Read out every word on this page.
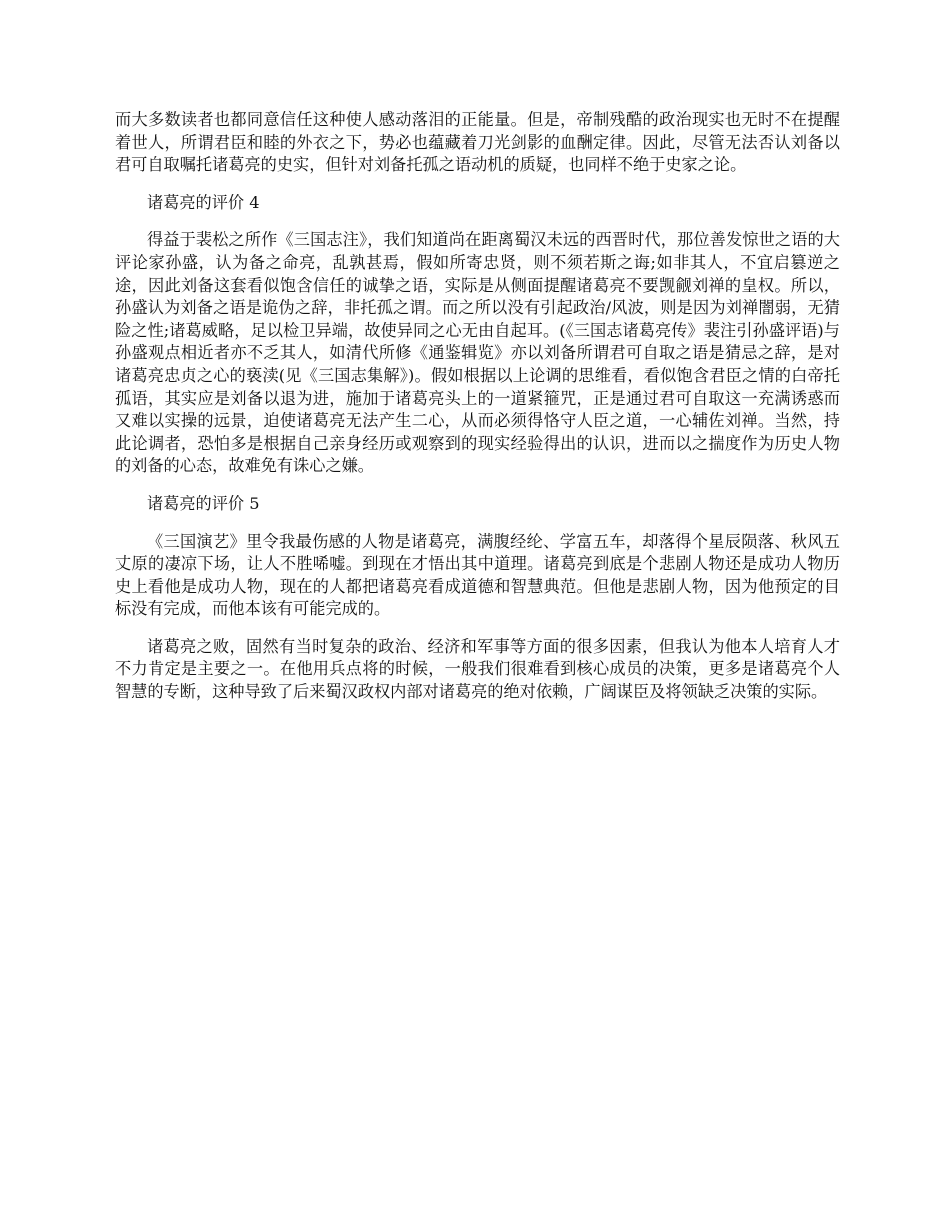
而大多数读者也都同意信任这种使人感动落泪的正能量。但是，帝制残酷的政治现实也无时不在提醒着世人，所谓君臣和睦的外衣之下，势必也蕴藏着刀光剑影的血酬定律。因此，尽管无法否认刘备以君可自取嘱托诸葛亮的史实，但针对刘备托孤之语动机的质疑，也同样不绝于史家之论。

诸葛亮的评价 4

得益于裴松之所作《三国志注》，我们知道尚在距离蜀汉未远的西晋时代，那位善发惊世之语的大评论家孙盛，认为备之命亮，乱孰甚焉，假如所寄忠贤，则不须若斯之诲;如非其人，不宜启篡逆之途，因此刘备这套看似饱含信任的诚挚之语，实际是从侧面提醒诸葛亮不要觊觎刘禅的皇权。所以，孙盛认为刘备之语是诡伪之辞，非托孤之谓。而之所以没有引起政治/风波，则是因为刘禅闇弱，无猜险之性;诸葛威略，足以检卫异端，故使异同之心无由自起耳。(《三国志诸葛亮传》裴注引孙盛评语)与孙盛观点相近者亦不乏其人，如清代所修《通鉴辑览》亦以刘备所谓君可自取之语是猜忌之辞，是对诸葛亮忠贞之心的亵渎(见《三国志集解》)。假如根据以上论调的思维看，看似饱含君臣之情的白帝托孤语，其实应是刘备以退为进，施加于诸葛亮头上的一道紧箍咒，正是通过君可自取这一充满诱惑而又难以实操的远景，迫使诸葛亮无法产生二心，从而必须得恪守人臣之道，一心辅佐刘禅。当然，持此论调者，恐怕多是根据自己亲身经历或观察到的现实经验得出的认识，进而以之揣度作为历史人物的刘备的心态，故难免有诛心之嫌。

诸葛亮的评价 5

《三国演艺》里令我最伤感的人物是诸葛亮，满腹经纶、学富五车，却落得个星辰陨落、秋风五丈原的凄凉下场，让人不胜唏嘘。到现在才悟出其中道理。诸葛亮到底是个悲剧人物还是成功人物历史上看他是成功人物，现在的人都把诸葛亮看成道德和智慧典范。但他是悲剧人物，因为他预定的目标没有完成，而他本该有可能完成的。

诸葛亮之败，固然有当时复杂的政治、经济和军事等方面的很多因素，但我认为他本人培育人才不力肯定是主要之一。在他用兵点将的时候，一般我们很难看到核心成员的决策，更多是诸葛亮个人智慧的专断，这种导致了后来蜀汉政权内部对诸葛亮的绝对依赖，广阔谋臣及将领缺乏决策的实际。
